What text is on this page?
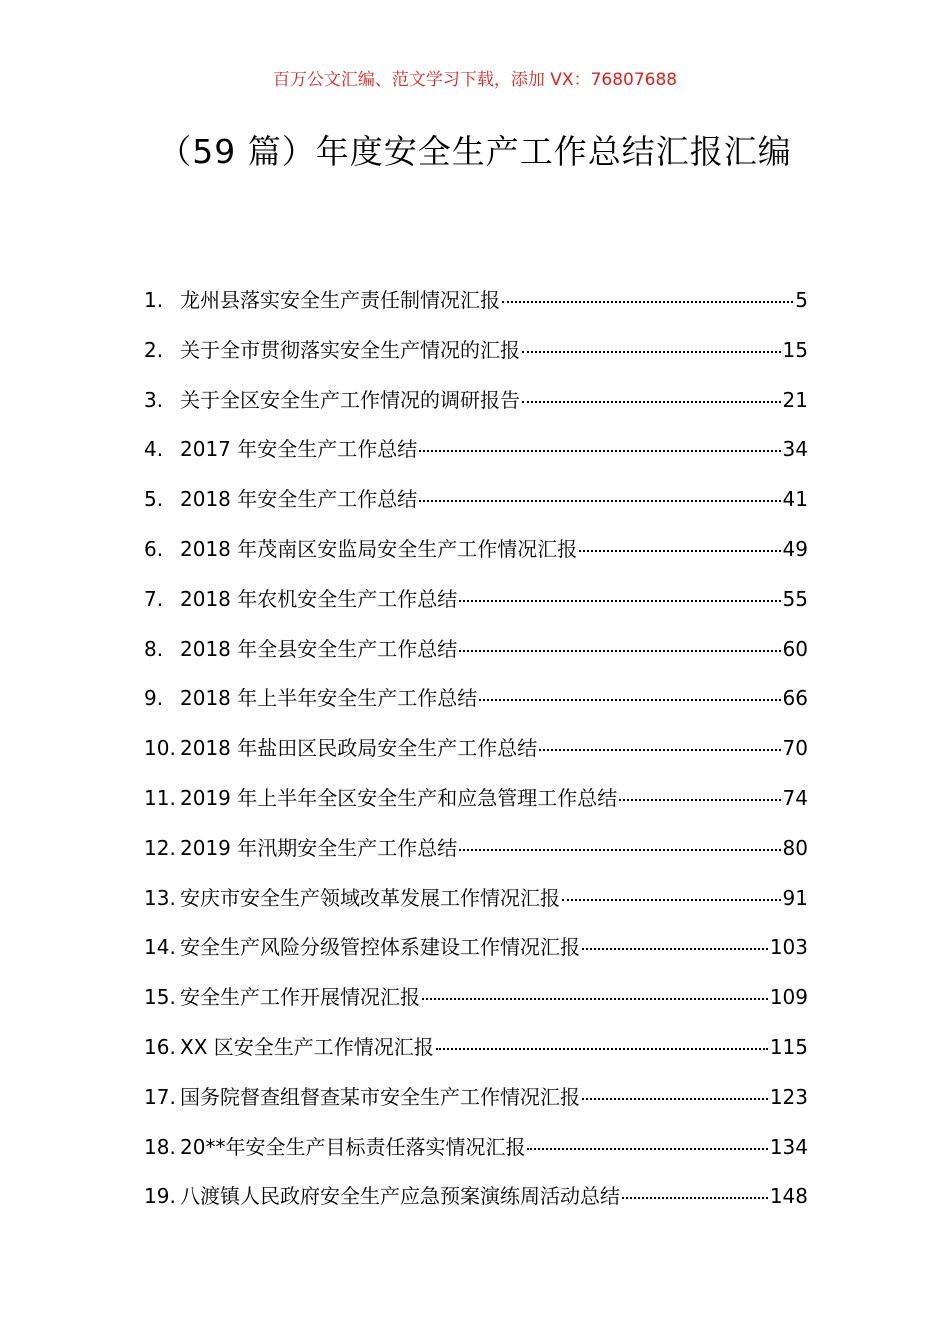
百万公文汇编、范文学习下载，添加 VX：76807688
（59 篇）年度安全生产工作总结汇报汇编
1. 龙州县落实安全生产责任制情况汇报	5
2. 关于全市贯彻落实安全生产情况的汇报	15
3. 关于全区安全生产工作情况的调研报告	21
4. 2017 年安全生产工作总结	34
5. 2018 年安全生产工作总结	41
6. 2018 年茂南区安监局安全生产工作情况汇报	49
7. 2018 年农机安全生产工作总结	55
8. 2018 年全县安全生产工作总结	60
9. 2018 年上半年安全生产工作总结	66
10. 2018 年盐田区民政局安全生产工作总结	70
11. 2019 年上半年全区安全生产和应急管理工作总结	74
12. 2019 年汛期安全生产工作总结	80
13. 安庆市安全生产领域改革发展工作情况汇报	91
14. 安全生产风险分级管控体系建设工作情况汇报	103
15. 安全生产工作开展情况汇报	109
16. XX 区安全生产工作情况汇报	115
17. 国务院督查组督查某市安全生产工作情况汇报	123
18. 20**年安全生产目标责任落实情况汇报	134
19. 八渡镇人民政府安全生产应急预案演练周活动总结	148
